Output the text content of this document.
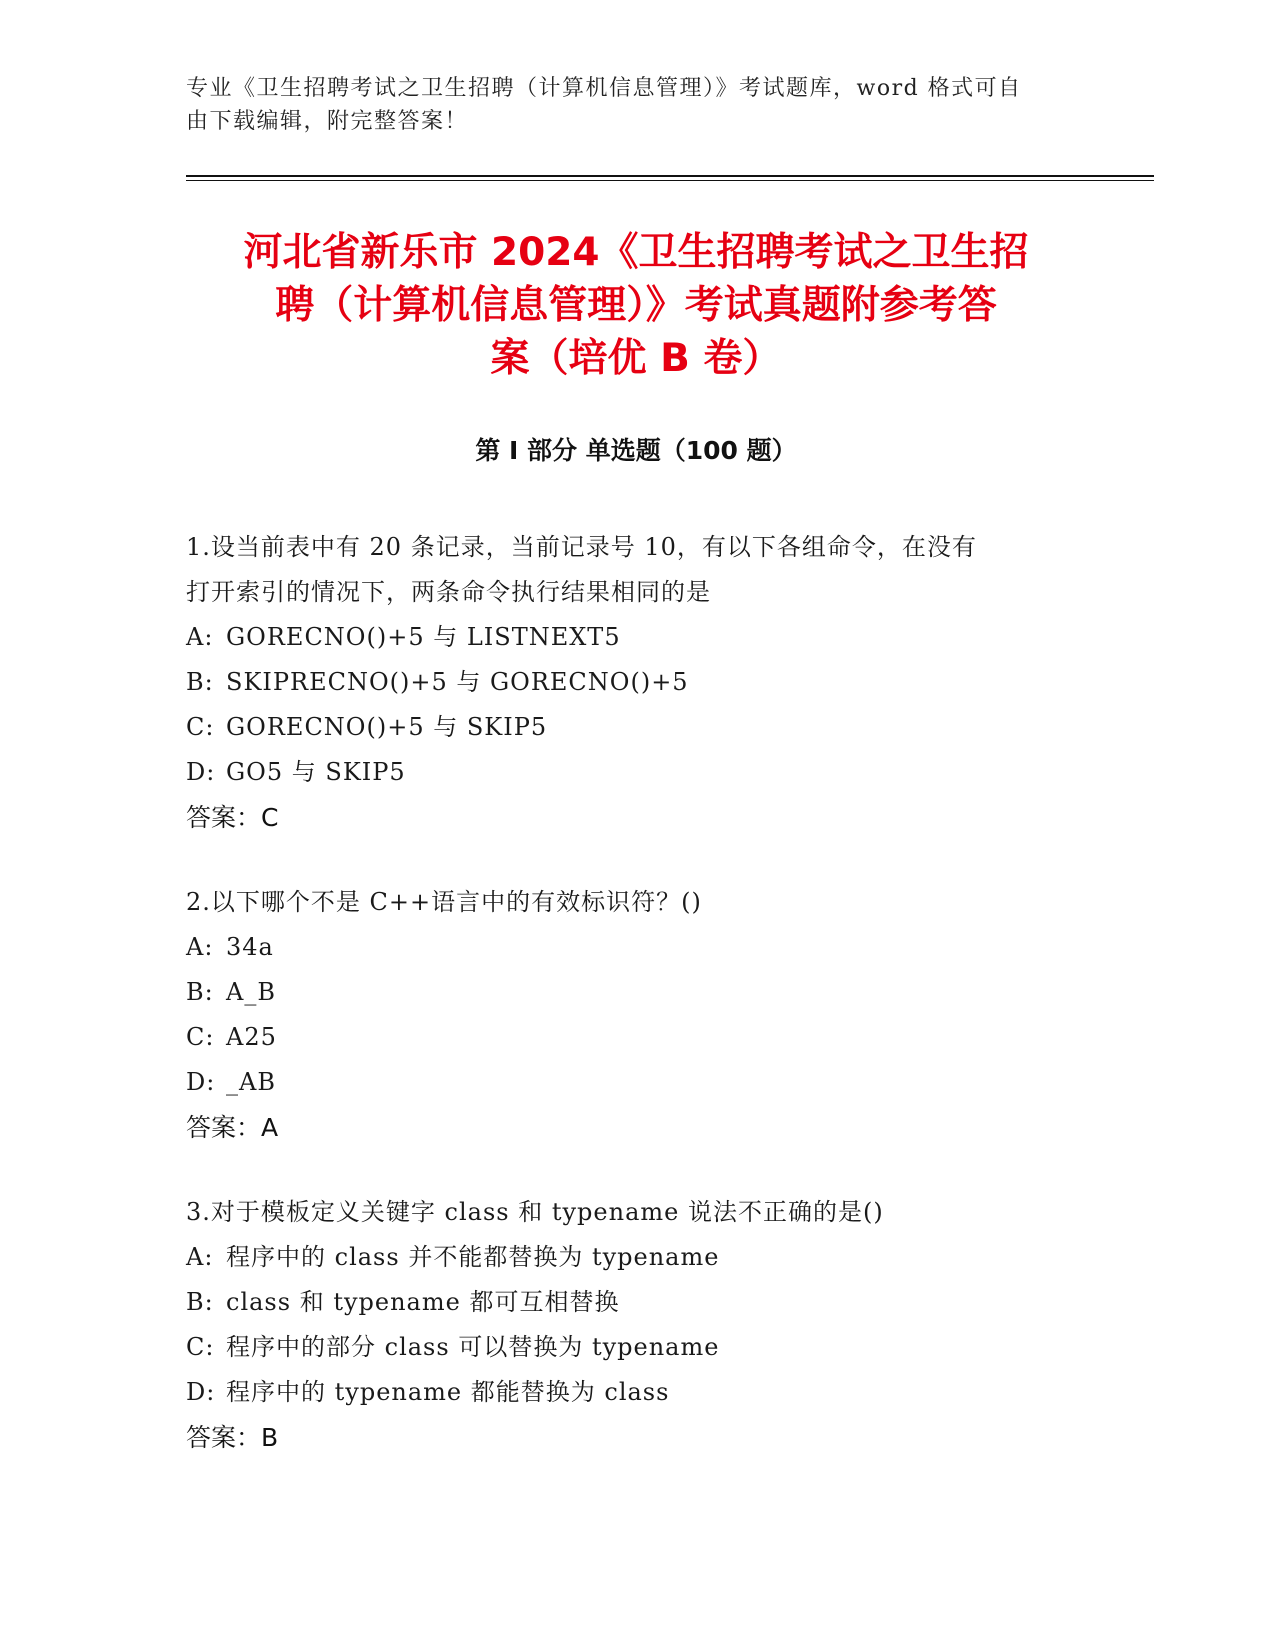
专业《卫生招聘考试之卫生招聘（计算机信息管理）》考试题库，word 格式可自
由下载编辑，附完整答案！
河北省新乐市 2024《卫生招聘考试之卫生招
聘（计算机信息管理）》考试真题附参考答
案（培优 B 卷）
第 I 部分 单选题（100 题）
1.设当前表中有 20 条记录，当前记录号 10，有以下各组命令，在没有
打开索引的情况下，两条命令执行结果相同的是
A: GORECNO()+5 与 LISTNEXT5
B: SKIPRECNO()+5 与 GORECNO()+5
C: GORECNO()+5 与 SKIP5
D: GO5 与 SKIP5
答案：C
2.以下哪个不是 C++语言中的有效标识符？()
A: 34a
B: A_B
C: A25
D: _AB
答案：A
3.对于模板定义关键字 class 和 typename 说法不正确的是()
A: 程序中的 class 并不能都替换为 typename
B: class 和 typename 都可互相替换
C: 程序中的部分 class 可以替换为 typename
D: 程序中的 typename 都能替换为 class
答案：B
